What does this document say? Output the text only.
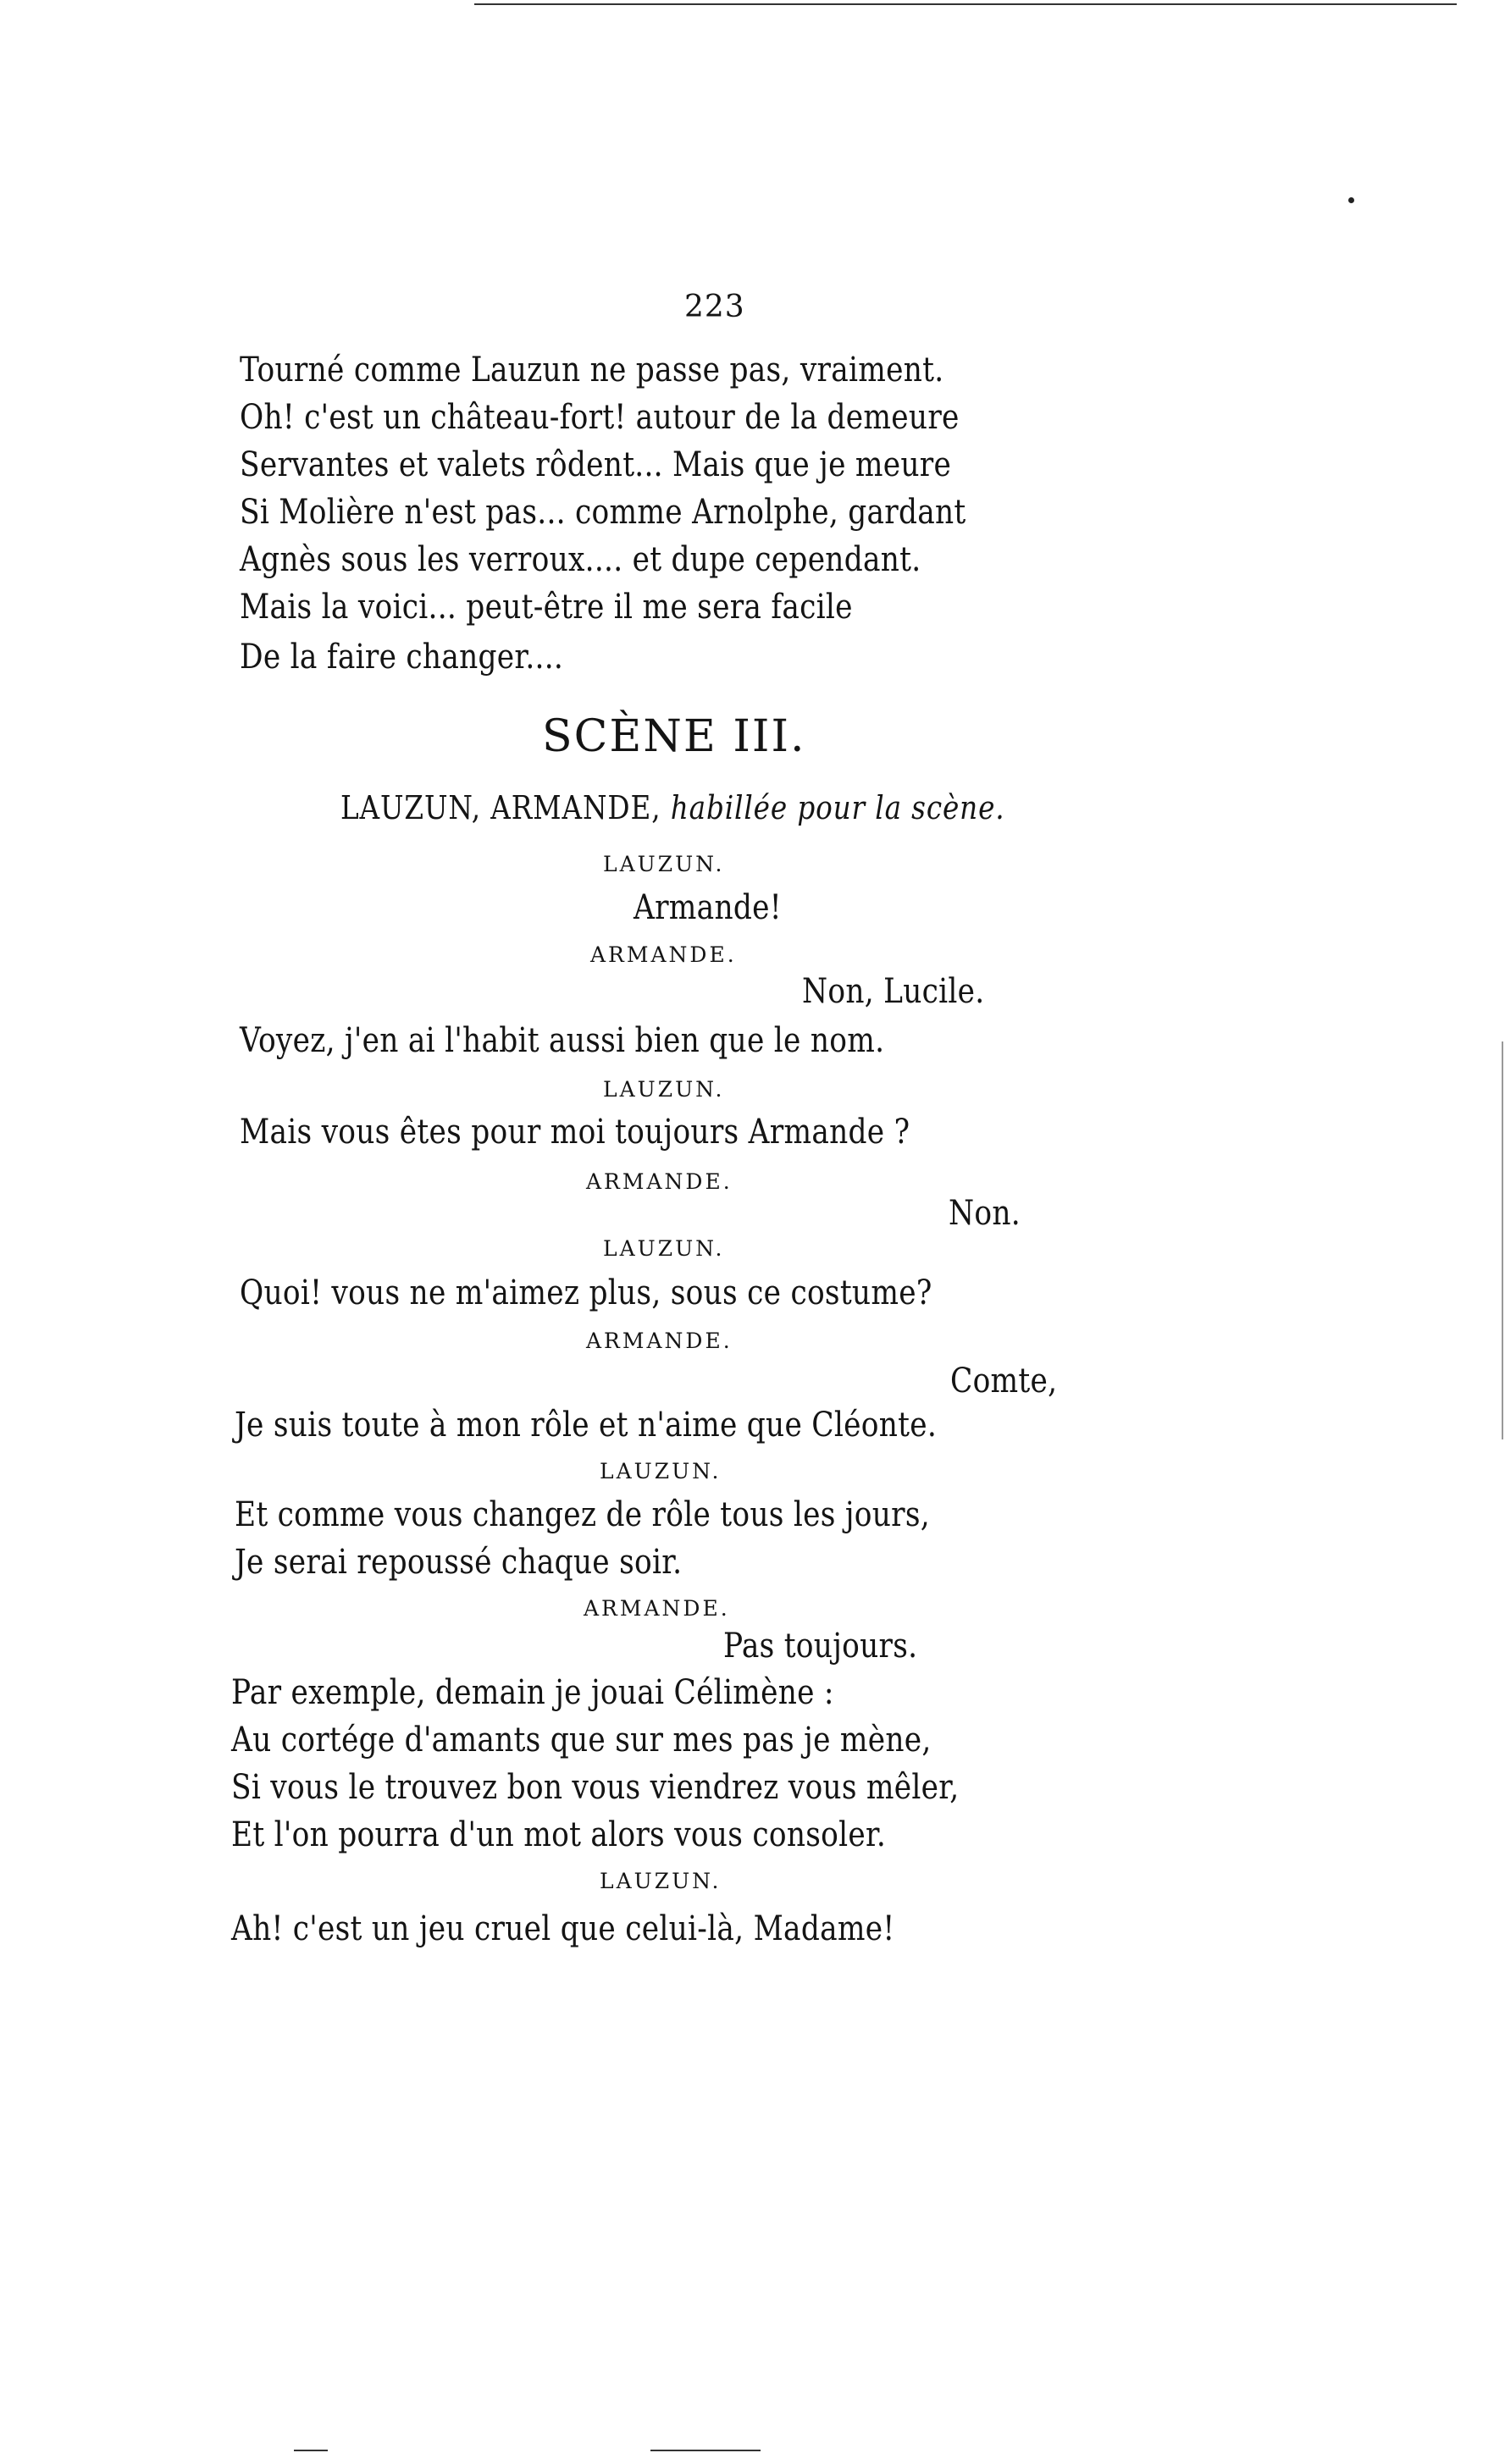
223
Tourné comme Lauzun ne passe pas, vraiment.
Oh! c'est un château-fort! autour de la demeure
Servantes et valets rôdent... Mais que je meure
Si Molière n'est pas... comme Arnolphe, gardant
Agnès sous les verroux.... et dupe cependant.
Mais la voici... peut-être il me sera facile
De la faire changer....
SCÈNE III.
LAUZUN, ARMANDE, habillée pour la scène.
LAUZUN.
Armande!
ARMANDE.
Non, Lucile.
Voyez, j'en ai l'habit aussi bien que le nom.
LAUZUN.
Mais vous êtes pour moi toujours Armande ?
ARMANDE.
Non.
LAUZUN.
Quoi! vous ne m'aimez plus, sous ce costume?
ARMANDE.
Comte,
Je suis toute à mon rôle et n'aime que Cléonte.
LAUZUN.
Et comme vous changez de rôle tous les jours,
Je serai repoussé chaque soir.
ARMANDE.
Pas toujours.
Par exemple, demain je jouai Célimène :
Au cortége d'amants que sur mes pas je mène,
Si vous le trouvez bon vous viendrez vous mêler,
Et l'on pourra d'un mot alors vous consoler.
LAUZUN.
Ah! c'est un jeu cruel que celui-là, Madame!
